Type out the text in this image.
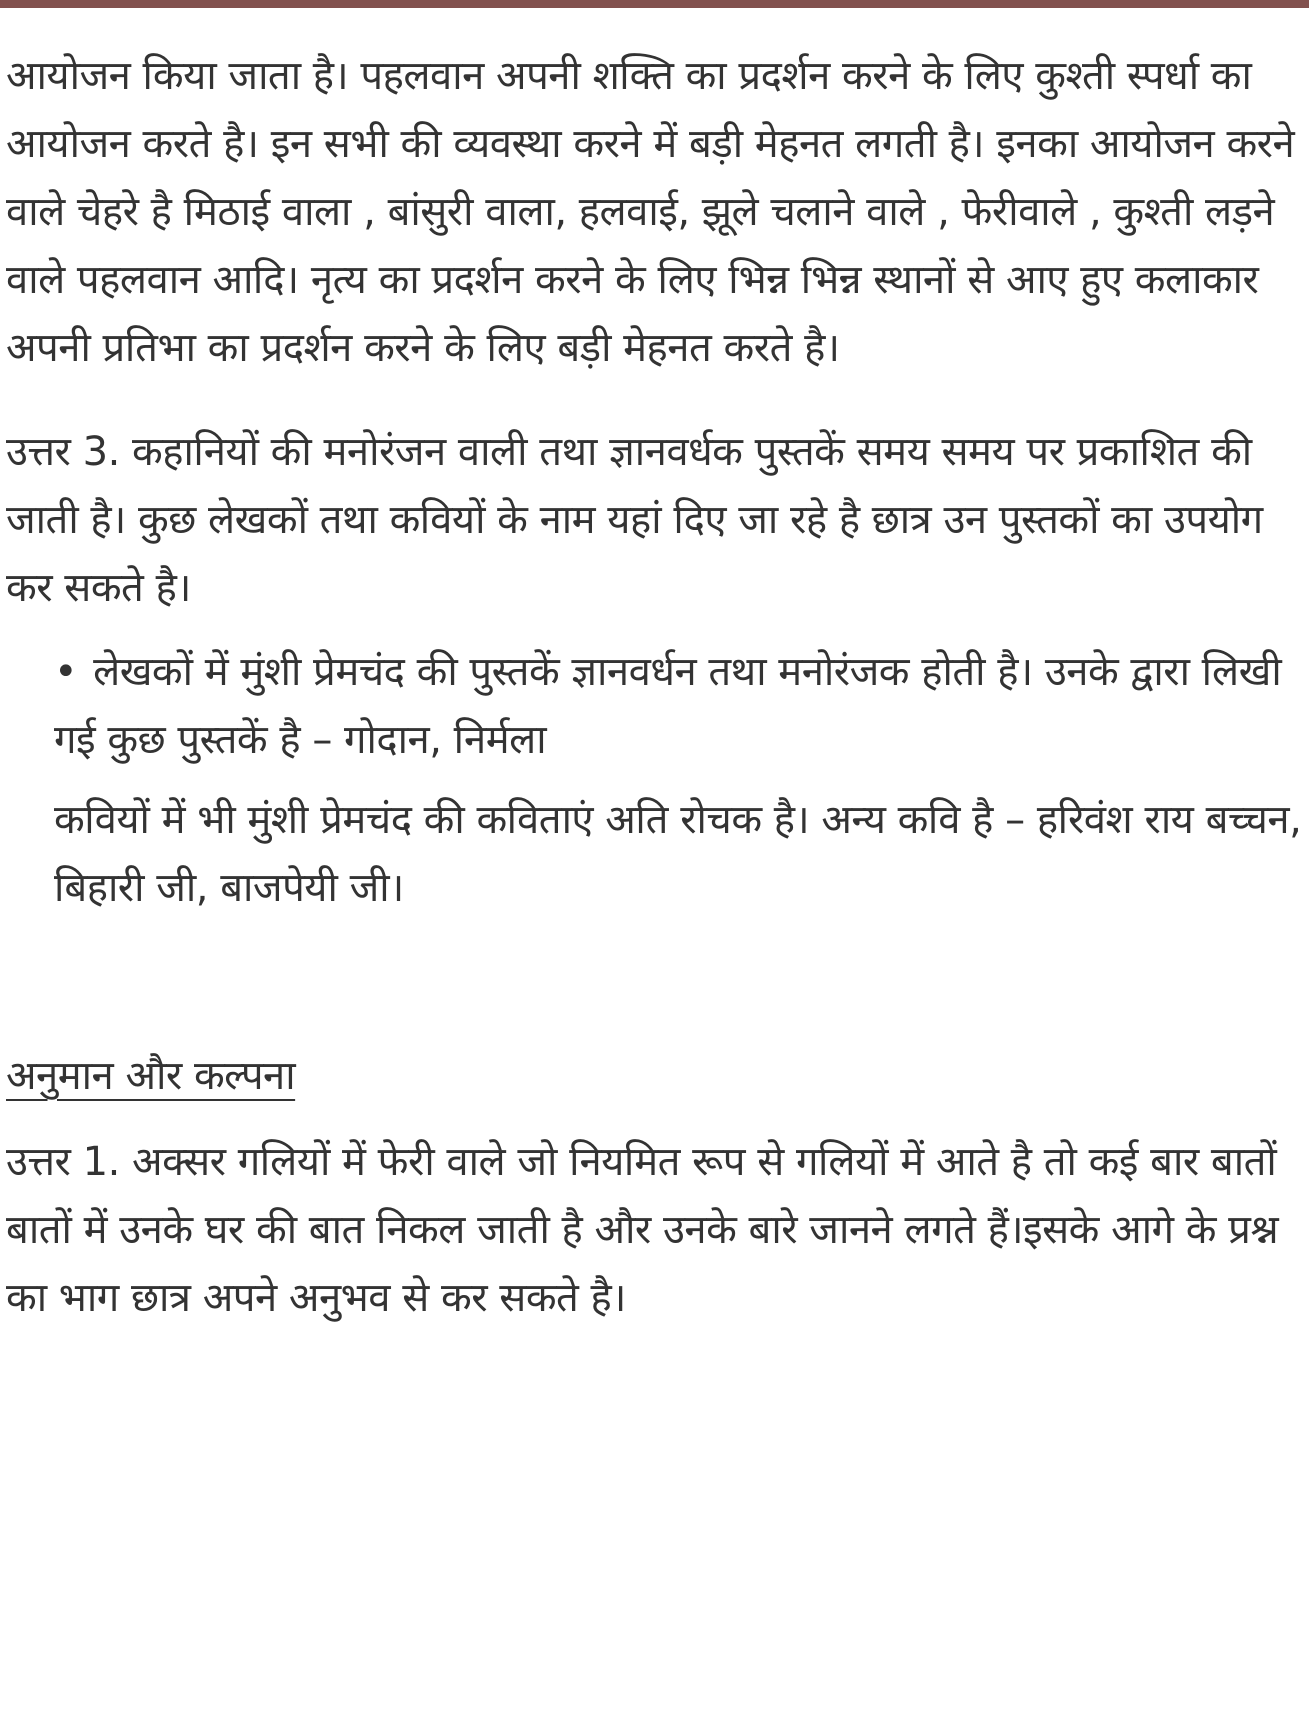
आयोजन किया जाता है। पहलवान अपनी शक्ति का प्रदर्शन करने के लिए कुश्ती स्पर्धा का आयोजन करते है। इन सभी की व्यवस्था करने में बड़ी मेहनत लगती है। इनका आयोजन करने वाले चेहरे है मिठाई वाला , बांसुरी वाला, हलवाई, झूले चलाने वाले , फेरीवाले , कुश्ती लड़ने वाले पहलवान आदि। नृत्य का प्रदर्शन करने के लिए भिन्न भिन्न स्थानों से आए हुए कलाकार अपनी प्रतिभा का प्रदर्शन करने के लिए बड़ी मेहनत करते है।

उत्तर 3. कहानियों की मनोरंजन वाली तथा ज्ञानवर्धक पुस्तकें समय समय पर प्रकाशित की जाती है। कुछ लेखकों तथा कवियों के नाम यहां दिए जा रहे है छात्र उन पुस्तकों का उपयोग कर सकते है।

• लेखकों में मुंशी प्रेमचंद की पुस्तकें ज्ञानवर्धन तथा मनोरंजक होती है। उनके द्वारा लिखी गई कुछ पुस्तकें है – गोदान, निर्मला

कवियों में भी मुंशी प्रेमचंद की कविताएं अति रोचक है। अन्य कवि है – हरिवंश राय बच्चन, बिहारी जी, बाजपेयी जी।

अनुमान और कल्पना

उत्तर 1. अक्सर गलियों में फेरी वाले जो नियमित रूप से गलियों में आते है तो कई बार बातों बातों में उनके घर की बात निकल जाती है और उनके बारे जानने लगते हैं।इसके आगे के प्रश्न का भाग छात्र अपने अनुभव से कर सकते है।
